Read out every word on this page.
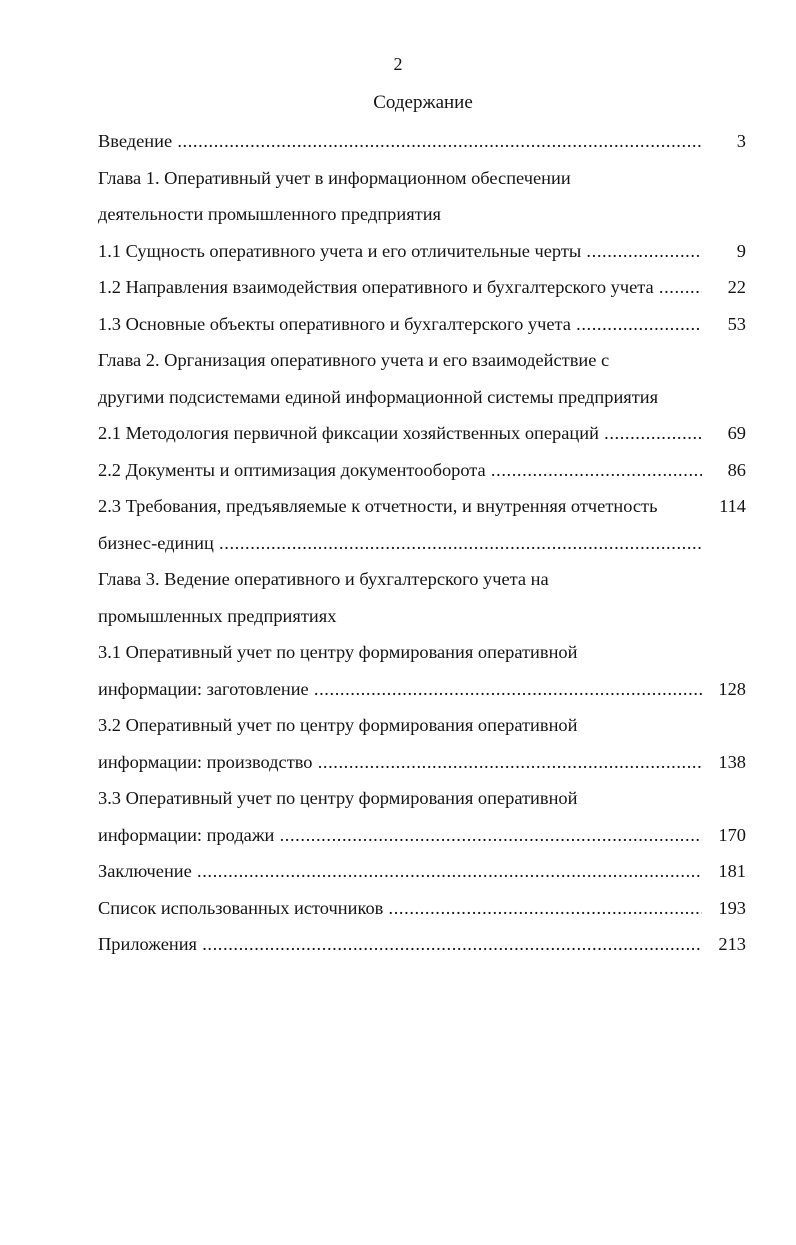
2
Содержание
Введение .....	3
Глава 1. Оперативный учет в информационном обеспечении
деятельности промышленного предприятия
1.1 Сущность оперативного учета и его отличительные черты .....	9
1.2 Направления взаимодействия оперативного и бухгалтерского учета .....	22
1.3 Основные объекты оперативного и бухгалтерского учета .....	53
Глава 2. Организация оперативного учета и его взаимодействие с
другими подсистемами единой информационной системы предприятия
2.1 Методология первичной фиксации хозяйственных операций .....	69
2.2 Документы и оптимизация документооборота .....	86
2.3 Требования, предъявляемые к отчетности, и внутренняя отчетность	114
бизнес-единиц .....
Глава 3. Ведение оперативного и бухгалтерского учета на
промышленных предприятиях
3.1 Оперативный учет по центру формирования оперативной
информации: заготовление .....	128
3.2 Оперативный учет по центру формирования оперативной
информации: производство .....	138
3.3 Оперативный учет по центру формирования оперативной
информации: продажи .....	170
Заключение .....	181
Список использованных источников .....	193
Приложения .....	213
